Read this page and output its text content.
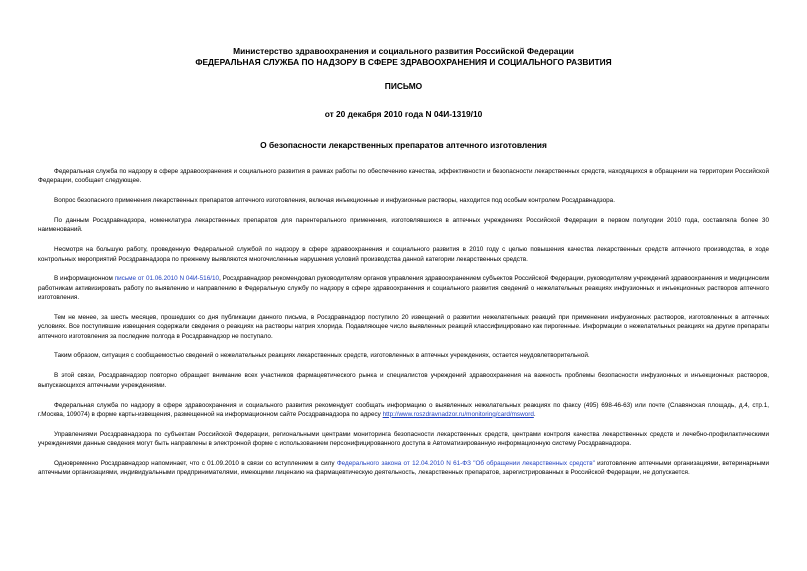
Министерство здравоохранения и социального развития Российской Федерации
ФЕДЕРАЛЬНАЯ СЛУЖБА ПО НАДЗОРУ В СФЕРЕ ЗДРАВООХРАНЕНИЯ И СОЦИАЛЬНОГО РАЗВИТИЯ
ПИСЬМО
от 20 декабря 2010 года N 04И-1319/10
О безопасности лекарственных препаратов аптечного изготовления

Федеральная служба по надзору в сфере здравоохранения и социального развития в рамках работы по обеспечению качества, эффективности и безопасности лекарственных средств, находящихся в обращении на территории Российской Федерации, сообщает следующее.

Вопрос безопасного применения лекарственных препаратов аптечного изготовления, включая инъекционные и инфузионные растворы, находится под особым контролем Росздравнадзора.

По данным Росздравнадзора, номенклатура лекарственных препаратов для парентерального применения, изготовлявшихся в аптечных учреждениях Российской Федерации в первом полугодии 2010 года, составляла более 30 наименований.

Несмотря на большую работу, проведенную Федеральной службой по надзору в сфере здравоохранения и социального развития в 2010 году с целью повышения качества лекарственных средств аптечного производства, в ходе контрольных мероприятий Росздравнадзора по прежнему выявляются многочисленные нарушения условий производства данной категории лекарственных средств.

В информационном письме от 01.06.2010 N 04И-516/10, Росздравнадзор рекомендовал руководителям органов управления здравоохранением субъектов Российской Федерации, руководителям учреждений здравоохранения и медицинским работникам активизировать работу по выявлению и направлению в Федеральную службу по надзору в сфере здравоохранения и социального развития сведений о нежелательных реакциях инфузионных и инъекционных растворов аптечного изготовления.

Тем не менее, за шесть месяцев, прошедших со дня публикации данного письма, в Росздравнадзор поступило 20 извещений о развитии нежелательных реакций при применении инфузионных растворов, изготовленных в аптечных условиях. Все поступившие извещения содержали сведения о реакциях на растворы натрия хлорида. Подавляющее число выявленных реакций классифицировано как пирогенные. Информации о нежелательных реакциях на другие препараты аптечного изготовления за последние полгода в Росздравнадзор не поступало.

Таким образом, ситуация с сообщаемостью сведений о нежелательных реакциях лекарственных средств, изготовленных в аптечных учреждениях, остается неудовлетворительной.

В этой связи, Росздравнадзор повторно обращает внимание всех участников фармацевтического рынка и специалистов учреждений здравоохранения на важность проблемы безопасности инфузионных и инъекционных растворов, выпускающихся аптечными учреждениями.

Федеральная служба по надзору в сфере здравоохранения и социального развития рекомендует сообщать информацию о выявленных нежелательных реакциях по факсу (495) 698-46-63) или почте (Славянская площадь, д.4, стр.1, г.Москва, 109074) в форме карты-извещения, размещенной на информационном сайте Росздравнадзора по адресу http://www.roszdravnadzor.ru/monitoring/card/msword.

Управлениями Росздравнадзора по субъектам Российской Федерации, региональными центрами мониторинга безопасности лекарственных средств, центрами контроля качества лекарственных средств и лечебно-профилактическими учреждениями данные сведения могут быть направлены в электронной форме с использованием персонифицированного доступа в Автоматизированную информационную систему Росздравнадзора.

Одновременно Росздравнадзор напоминает, что с 01.09.2010 в связи со вступлением в силу Федерального закона от 12.04.2010 N 61-ФЗ "Об обращении лекарственных средств" изготовление аптечными организациями, ветеринарными аптечными организациями, индивидуальными предпринимателями, имеющими лицензию на фармацевтическую деятельность, лекарственных препаратов, зарегистрированных в Российской Федерации, не допускается.
